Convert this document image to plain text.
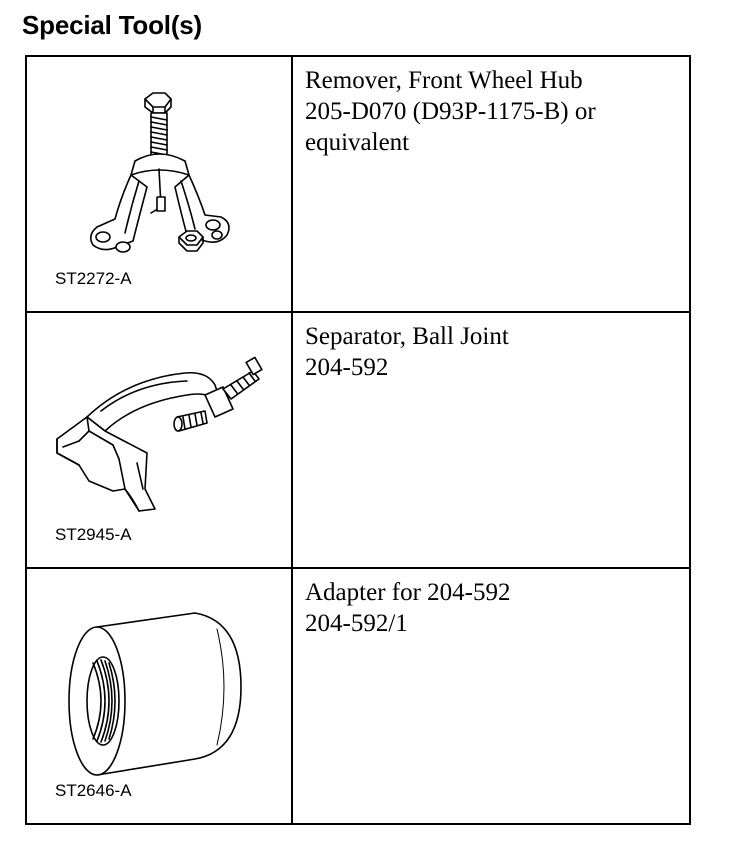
Special Tool(s)
ST2272-A
Remover, Front Wheel Hub
205-D070 (D93P-1175-B) or
equivalent
ST2945-A
Separator, Ball Joint
204-592
ST2646-A
Adapter for 204-592
204-592/1
